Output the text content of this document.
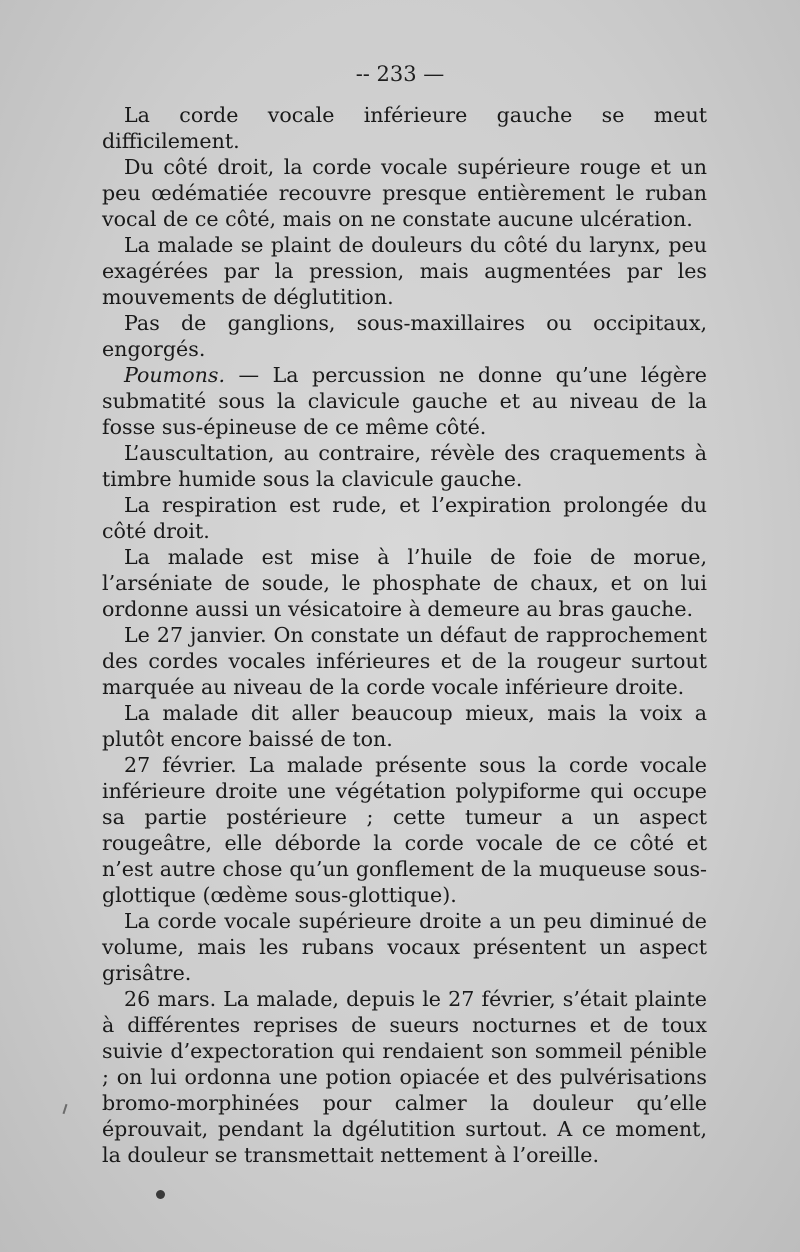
-- 233 —

La corde vocale inférieure gauche se meut difficilement.

Du côté droit, la corde vocale supérieure rouge et un peu œdématiée recouvre presque entièrement le ruban vocal de ce côté, mais on ne constate aucune ulcération.

La malade se plaint de douleurs du côté du larynx, peu exagérées par la pression, mais augmentées par les mouvements de déglutition.

Pas de ganglions, sous-maxillaires ou occipitaux, engorgés.

Poumons. — La percussion ne donne qu’une légère submatité sous la clavicule gauche et au niveau de la fosse sus-épineuse de ce même côté.

L’auscultation, au contraire, révèle des craquements à timbre humide sous la clavicule gauche.

La respiration est rude, et l’expiration prolongée du côté droit.

La malade est mise à l’huile de foie de morue, l’arséniate de soude, le phosphate de chaux, et on lui ordonne aussi un vésicatoire à demeure au bras gauche.

Le 27 janvier. On constate un défaut de rapprochement des cordes vocales inférieures et de la rougeur surtout marquée au niveau de la corde vocale inférieure droite.

La malade dit aller beaucoup mieux, mais la voix a plutôt encore baissé de ton.

27 février. La malade présente sous la corde vocale inférieure droite une végétation polypiforme qui occupe sa partie postérieure ; cette tumeur a un aspect rougeâtre, elle déborde la corde vocale de ce côté et n’est autre chose qu’un gonflement de la muqueuse sous-glottique (œdème sous-glottique).

La corde vocale supérieure droite a un peu diminué de volume, mais les rubans vocaux présentent un aspect grisâtre.

26 mars. La malade, depuis le 27 février, s’était plainte à différentes reprises de sueurs nocturnes et de toux suivie d’expectoration qui rendaient son sommeil pénible ; on lui ordonna une potion opiacée et des pulvérisations bromo-morphinées pour calmer la douleur qu’elle éprouvait, pendant la dgélutition surtout. A ce moment, la douleur se transmettait nettement à l’oreille.
